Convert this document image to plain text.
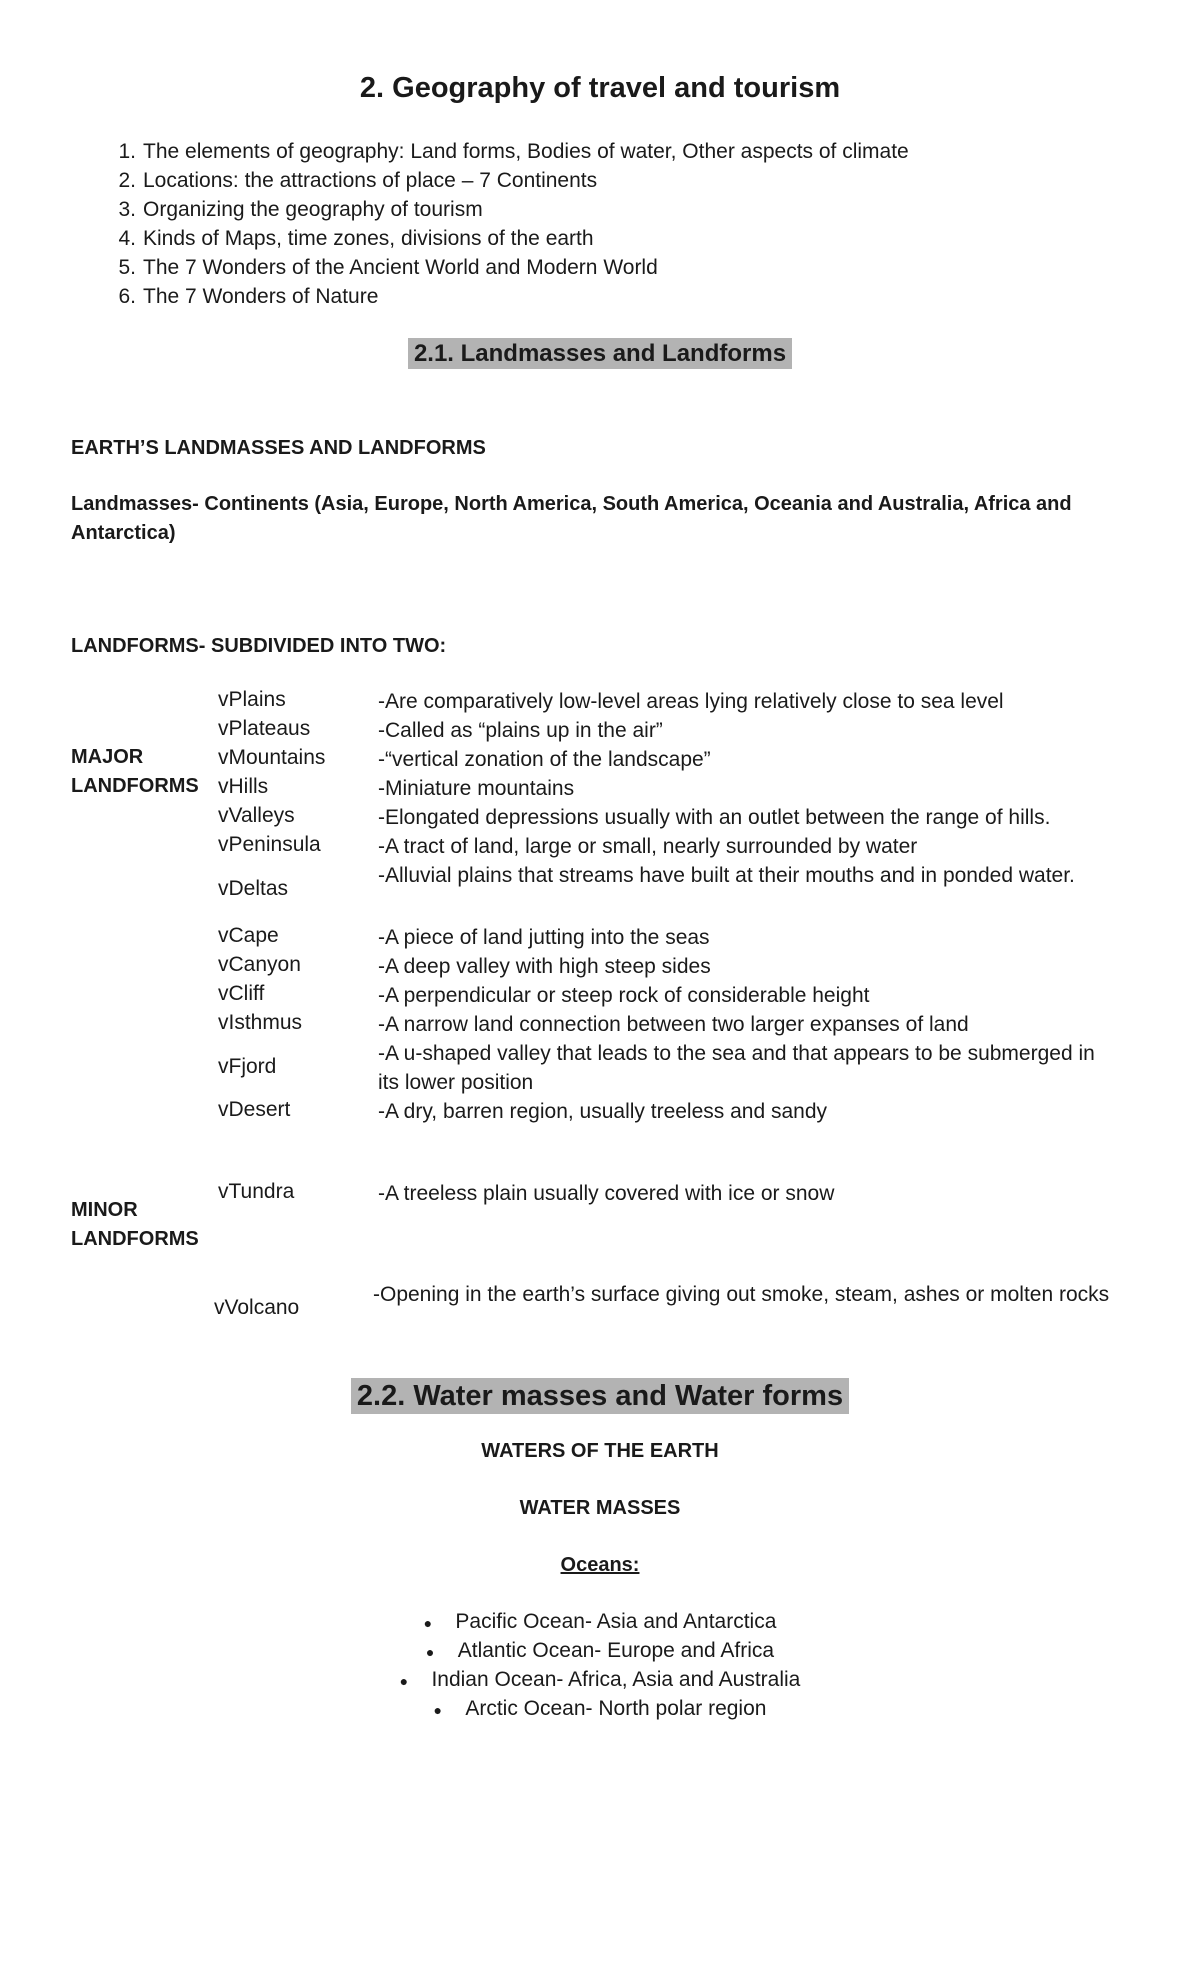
2. Geography of travel and tourism
1. The elements of geography: Land forms, Bodies of water, Other aspects of climate
2. Locations: the attractions of place – 7 Continents
3. Organizing the geography of tourism
4. Kinds of Maps, time zones, divisions of the earth
5. The 7 Wonders of the Ancient World and Modern World
6. The 7 Wonders of Nature
2.1. Landmasses and Landforms
EARTH’S LANDMASSES AND LANDFORMS
Landmasses- Continents (Asia, Europe, North America, South America, Oceania and Australia, Africa and Antarctica)
LANDFORMS- SUBDIVIDED INTO TWO:
MAJOR LANDFORMS
MINOR LANDFORMS
vPlains	-Are comparatively low-level areas lying relatively close to sea level
vPlateaus	-Called as “plains up in the air”
vMountains	-“vertical zonation of the landscape”
vHills	-Miniature mountains
vValleys	-Elongated depressions usually with an outlet between the range of hills.
vPeninsula	-A tract of land, large or small, nearly surrounded by water
vDeltas
-Alluvial plains that streams have built at their mouths and in ponded water.
vCape	-A piece of land jutting into the seas
vCanyon	-A deep valley with high steep sides
vCliff	-A perpendicular or steep rock of considerable height
vIsthmus	-A narrow land connection between two larger expanses of land
vFjord
-A u-shaped valley that leads to the sea and that appears to be submerged in its lower position
vDesert	-A dry, barren region, usually treeless and sandy
vTundra	-A treeless plain usually covered with ice or snow
vVolcano
-Opening in the earth’s surface giving out smoke, steam, ashes or molten rocks
2.2. Water masses and Water forms
WATERS OF THE EARTH
WATER MASSES
Oceans:
● Pacific Ocean- Asia and Antarctica
● Atlantic Ocean- Europe and Africa
● Indian Ocean- Africa, Asia and Australia
● Arctic Ocean- North polar region
